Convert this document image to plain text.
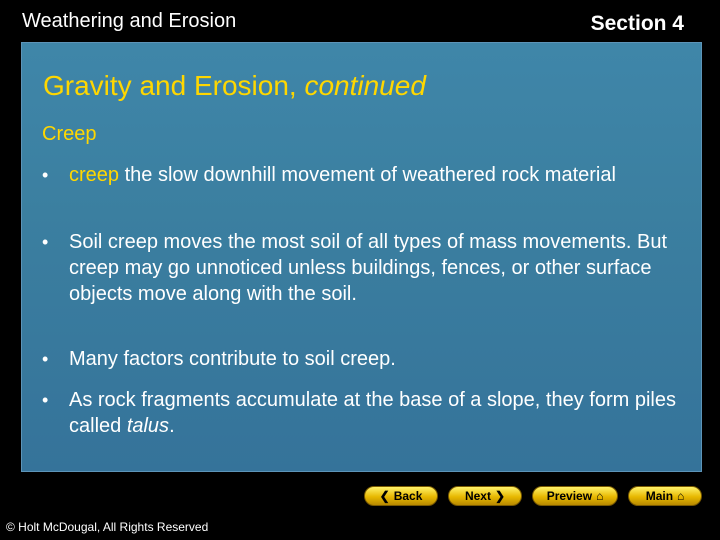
Weathering and Erosion	Section 4
Gravity and Erosion, continued
Creep
• creep the slow downhill movement of weathered rock material
• Soil creep moves the most soil of all types of mass movements. But creep may go unnoticed unless buildings, fences, or other surface objects move along with the soil.
• Many factors contribute to soil creep.
• As rock fragments accumulate at the base of a slope, they form piles called talus.
❮ Back	Next ❯	Preview ⌂	Main ⌂
© Holt McDougal, All Rights Reserved
